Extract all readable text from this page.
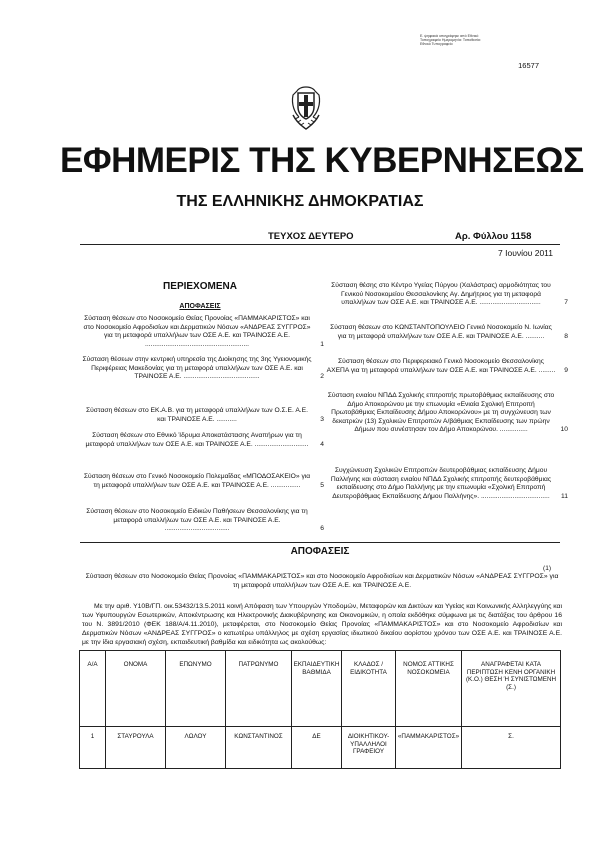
Ε. ψηφιακά υπογράφηκε από Εθνικό Τυπογραφείο Ημερομηνία: Τοποθεσία: Εθνικό Τυπογραφείο
16577
ΕΦΗΜΕΡΙΣ ΤΗΣ ΚΥΒΕΡΝΗΣΕΩΣ
ΤΗΣ ΕΛΛΗΝΙΚΗΣ ΔΗΜΟΚΡΑΤΙΑΣ
ΤΕΥΧΟΣ ΔΕΥΤΕΡΟ	Αρ. Φύλλου 1158
7 Ιουνίου 2011
ΠΕΡΙΕΧΟΜΕΝΑ
ΑΠΟΦΑΣΕΙΣ
Σύσταση θέσεων στο Νοσοκομείο Θείας Προνοίας «ΠΑΜΜΑΚΑΡΙΣΤΟΣ» και στο Νοσοκομείο Αφροδισίων και Δερματικών Νόσων «ΑΝΔΡΕΑΣ ΣΥΓΓΡΟΣ» για τη μεταφορά υπαλλήλων των ΟΣΕ Α.Ε. και ΤΡΑΙΝΟΣΕ Α.Ε. ........................................................	1
Σύσταση θέσεων στην κεντρική υπηρεσία της Διοίκησης της 3ης Υγειονομικής Περιφέρειας Μακεδονίας για τη μεταφορά υπαλλήλων των ΟΣΕ Α.Ε. και ΤΡΑΙΝΟΣΕ Α.Ε. .........................................	2
Σύσταση θέσεων στο ΕΚ.Α.Β. για τη μεταφορά υπαλλήλων των Ο.Σ.Ε. Α.Ε. και ΤΡΑΙΝΟΣΕ Α.Ε. ...........	3
Σύσταση θέσεων στο Εθνικό Ίδρυμα Αποκατάστασης Αναπήρων για τη μεταφορά υπαλλήλων των ΟΣΕ Α.Ε. και ΤΡΑΙΝΟΣΕ Α.Ε. ............................. 4
Σύσταση θέσεων στο Γενικό Νοσοκομείο Πολεμαΐδας «ΜΠΟΔΟΣΑΚΕΙΟ» για τη μεταφορά υπαλλήλων των ΟΣΕ Α.Ε. και ΤΡΑΙΝΟΣΕ Α.Ε. ................	5
Σύσταση θέσεων στο Νοσοκομείο Ειδικών Παθήσεων Θεσσαλονίκης για τη μεταφορά υπαλλήλων των ΟΣΕ Α.Ε. και ΤΡΑΙΝΟΣΕ Α.Ε. ...................................	6
Σύσταση θέσης στο Κέντρο Υγείας Πύργου (Χαλάστρας) αρμοδιότητας του Γενικού Νοσοκομείου Θεσσαλονίκης Αγ. Δημήτριος για τη μεταφορά υπαλλήλων των ΟΣΕ Α.Ε. και ΤΡΑΙΝΟΣΕ Α.Ε. .................................	7
Σύσταση θέσεων στο ΚΩΝΣΤΑΝΤΟΠΟΥΛΕΙΟ Γενικό Νοσοκομείο Ν. Ιωνίας για τη μεταφορά υπαλλήλων των ΟΣΕ Α.Ε. και ΤΡΑΙΝΟΣΕ Α.Ε. ..........	8
Σύσταση θέσεων στο Περιφερειακό Γενικό Νοσοκομείο Θεσσαλονίκης ΑΧΕΠΑ για τη μεταφορά υπαλλήλων των ΟΣΕ Α.Ε. και ΤΡΑΙΝΟΣΕ Α.Ε. ......... 9
Σύσταση ενιαίου ΝΠΔΔ Σχολικής επιτροπής πρωτοβάθμιας εκπαίδευσης στο Δήμο Αποκορώνου με την επωνυμία «Ενιαία Σχολική Επιτροπή Πρωτοβάθμιας Εκπαίδευσης Δήμου Αποκορώνου» με τη συγχώνευση των δεκατριών (13) Σχολικών Επιτροπών Α/βάθμιας Εκπαίδευσης των πρώην Δήμων που συνέστησαν τον Δήμο Αποκορώνου. ...............	10
Συγχώνευση Σχολικών Επιτροπών δευτεροβάθμιας εκπαίδευσης Δήμου Παλλήνης και σύσταση ενιαίου ΝΠΔΔ Σχολικής επιτροπής δευτεροβάθμιας εκπαίδευσης στο Δήμο Παλλήνης με την επωνυμία «Σχολική Επιτροπή Δευτεροβάθμιας Εκπαίδευσης Δήμου Παλλήνης». ..................................... 11
ΑΠΟΦΑΣΕΙΣ
(1)
Σύσταση θέσεων στο Νοσοκομείο Θείας Προνοίας «ΠΑΜΜΑΚΑΡΙΣΤΟΣ» και στο Νοσοκομείο Αφροδισίων και Δερματικών Νόσων «ΑΝΔΡΕΑΣ ΣΥΓΓΡΟΣ» για τη μεταφορά υπαλλήλων των ΟΣΕ Α.Ε. και ΤΡΑΙΝΟΣΕ Α.Ε.
Με την αριθ. Υ10Β/ΓΠ. οικ.53432/13.5.2011 κοινή Απόφαση των Υπουργών Υποδομών, Μεταφορών και Δικτύων και Υγείας και Κοινωνικής Αλληλεγγύης και των Υφυπουργών Εσωτερικών, Αποκέντρωσης και Ηλεκτρονικής Διακυβέρνησης και Οικονομικών, η οποία εκδόθηκε σύμφωνα με τις διατάξεις του άρθρου 16 του Ν. 3891/2010 (ΦΕΚ 188/Α/4.11.2010), μεταφέρεται, στο Νοσοκομείο Θείας Προνοίας «ΠΑΜΜΑΚΑΡΙΣΤΟΣ» και στο Νοσοκομείο Αφροδισίων και Δερματικών Νόσων «ΑΝΔΡΕΑΣ ΣΥΓΓΡΟΣ» ο κατωτέρω υπάλληλος με σχέση εργασίας ιδιωτικού δικαίου αορίστου χρόνου των ΟΣΕ Α.Ε. και ΤΡΑΙΝΟΣΕ Α.Ε. με την ίδια εργασιακή σχέση, εκπαιδευτική βαθμίδα και ειδικότητα ως ακολούθως:
Α/Α	ΟΝΟΜΑ	ΕΠΩΝΥΜΟ	ΠΑΤΡΩΝΥΜΟ	ΕΚΠΑΙΔΕΥΤΙΚΗ ΒΑΘΜΙΔΑ	ΚΛΑΔΟΣ / ΕΙΔΙΚΟΤΗΤΑ	ΝΟΜΟΣ ΑΤΤΙΚΗΣ ΝΟΣΟΚΟΜΕΙΑ	ΑΝΑΓΡΑΦΕΤΑΙ ΚΑΤΑ ΠΕΡΙΠΤΩΣΗ ΚΕΝΗ ΟΡΓΑΝΙΚΗ (Κ.Ο.) ΘΕΣΗ Ή ΣΥΝΙΣΤΩΜΕΝΗ (Σ.)
1	ΣΤΑΥΡΟΥΛΑ	ΛΩΛΟΥ	ΚΩΝΣΤΑΝΤΙΝΟΣ	ΔΕ	ΔΙΟΙΚΗΤΙΚΟΥ-ΥΠΑΛΛΗΛΟΙ ΓΡΑΦΕΙΟΥ	«ΠΑΜΜΑΚΑΡΙΣΤΟΣ»	Σ.
